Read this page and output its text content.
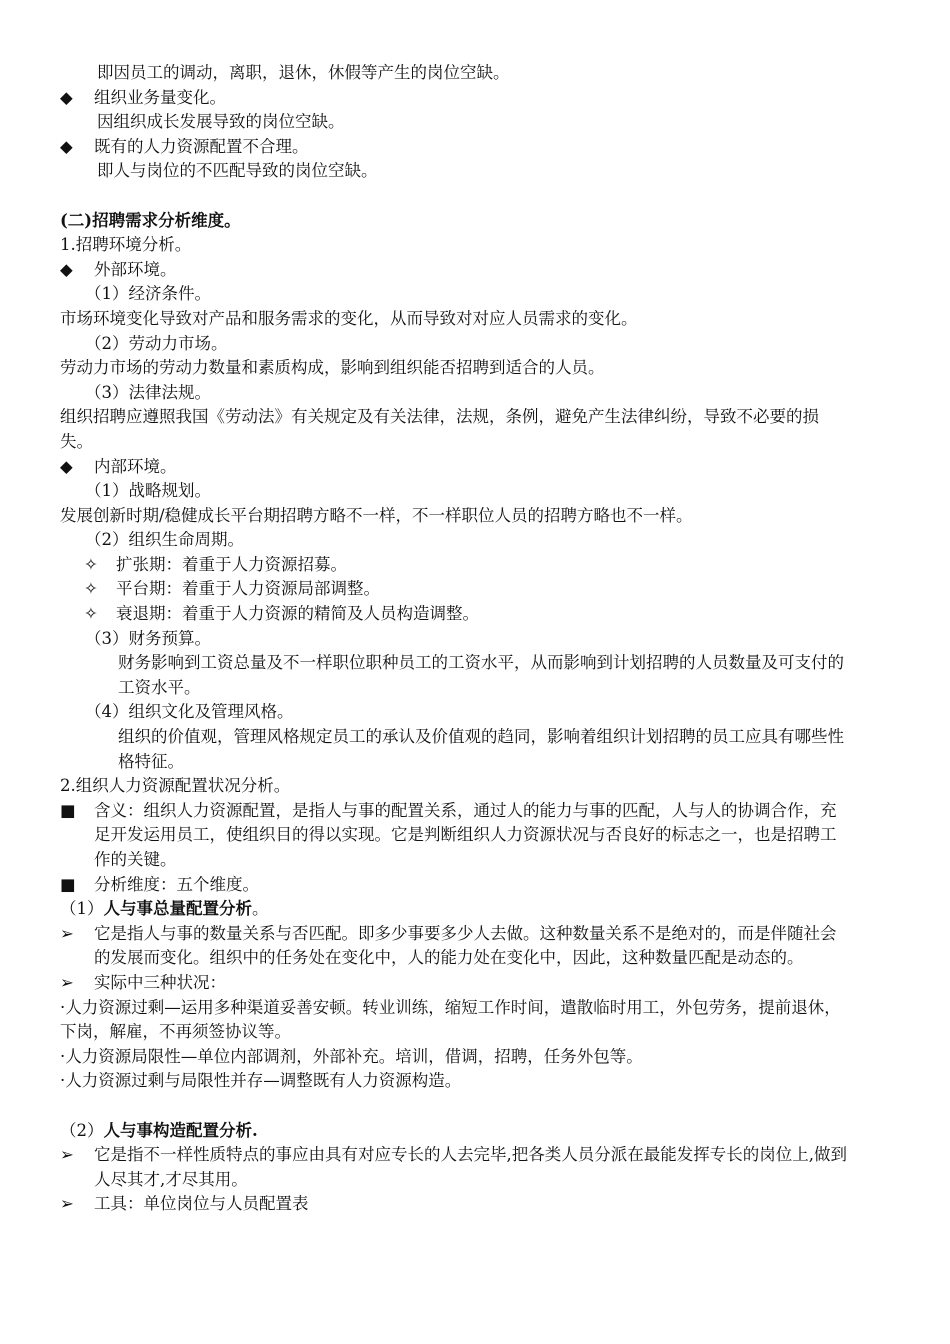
即因员工的调动，离职，退休，休假等产生的岗位空缺。
◆	组织业务量变化。
因组织成长发展导致的岗位空缺。
◆	既有的人力资源配置不合理。
即人与岗位的不匹配导致的岗位空缺。
(二)招聘需求分析维度。
1.招聘环境分析。
◆	外部环境。
（1）经济条件。
市场环境变化导致对产品和服务需求的变化，从而导致对对应人员需求的变化。
（2）劳动力市场。
劳动力市场的劳动力数量和素质构成，影响到组织能否招聘到适合的人员。
（3）法律法规。
组织招聘应遵照我国《劳动法》有关规定及有关法律，法规，条例，避免产生法律纠纷，导致不必要的损失。
◆	内部环境。
（1）战略规划。
发展创新时期/稳健成长平台期招聘方略不一样，不一样职位人员的招聘方略也不一样。
（2）组织生命周期。
✧	扩张期：着重于人力资源招募。
✧	平台期：着重于人力资源局部调整。
✧	衰退期：着重于人力资源的精简及人员构造调整。
（3）财务预算。
财务影响到工资总量及不一样职位职种员工的工资水平，从而影响到计划招聘的人员数量及可支付的工资水平。
（4）组织文化及管理风格。
组织的价值观，管理风格规定员工的承认及价值观的趋同，影响着组织计划招聘的员工应具有哪些性格特征。
2.组织人力资源配置状况分析。
■	含义：组织人力资源配置，是指人与事的配置关系，通过人的能力与事的匹配，人与人的协调合作，充足开发运用员工，使组织目的得以实现。它是判断组织人力资源状况与否良好的标志之一，也是招聘工作的关键。
■	分析维度：五个维度。
（1）人与事总量配置分析。
➢	它是指人与事的数量关系与否匹配。即多少事要多少人去做。这种数量关系不是绝对的，而是伴随社会的发展而变化。组织中的任务处在变化中，人的能力处在变化中，因此，这种数量匹配是动态的。
➢	实际中三种状况：
·人力资源过剩—运用多种渠道妥善安顿。转业训练，缩短工作时间，遣散临时用工，外包劳务，提前退休，下岗，解雇，不再须签协议等。
·人力资源局限性—单位内部调剂，外部补充。培训，借调，招聘，任务外包等。
·人力资源过剩与局限性并存—调整既有人力资源构造。
（2）人与事构造配置分析.
➢	它是指不一样性质特点的事应由具有对应专长的人去完毕,把各类人员分派在最能发挥专长的岗位上,做到人尽其才,才尽其用。
➢	工具：单位岗位与人员配置表
